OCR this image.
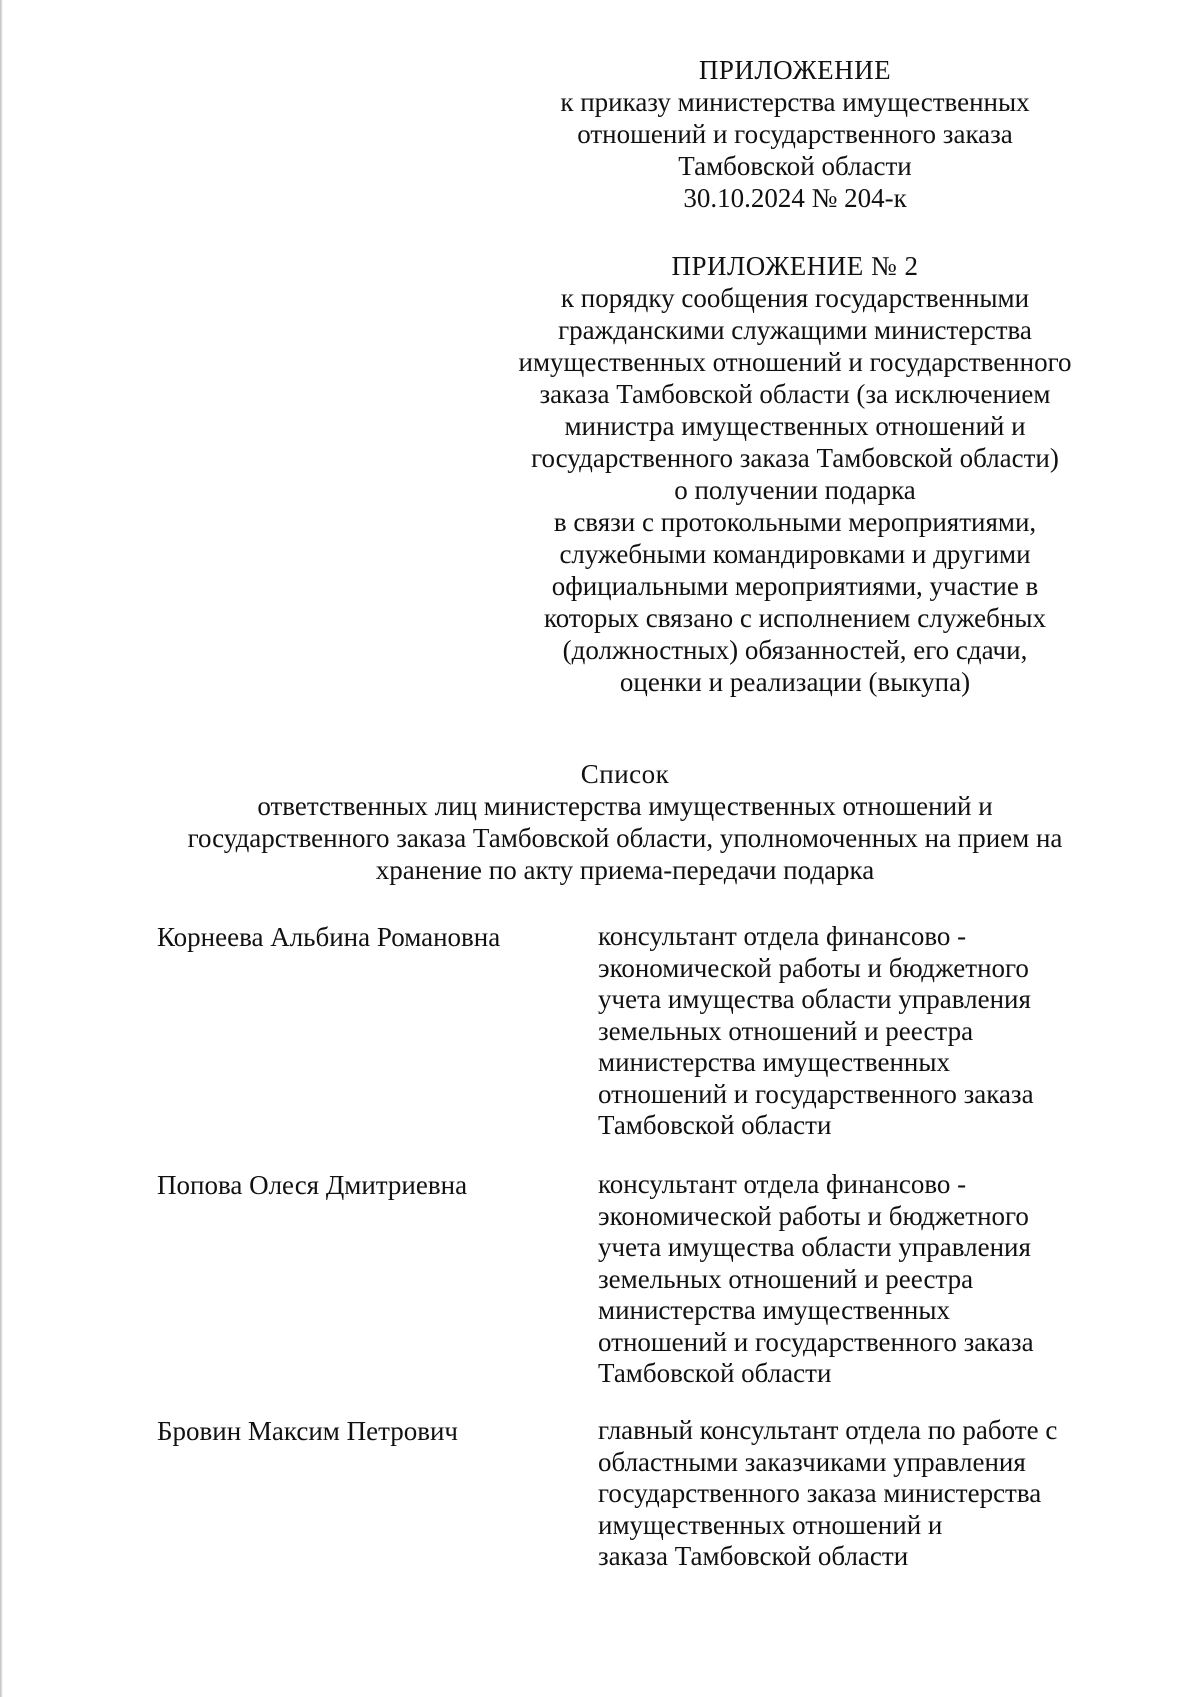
ПРИЛОЖЕНИЕ
к приказу министерства имущественных
отношений и государственного заказа
Тамбовской области
30.10.2024 № 204-к
ПРИЛОЖЕНИЕ № 2
к порядку сообщения государственными
гражданскими служащими министерства
имущественных отношений и государственного
заказа Тамбовской области (за исключением
министра имущественных отношений и
государственного заказа Тамбовской области)
о получении подарка
в связи с протокольными мероприятиями,
служебными командировками и другими
официальными мероприятиями, участие в
которых связано с исполнением служебных
(должностных) обязанностей, его сдачи,
оценки и реализации (выкупа)
Список
ответственных лиц министерства имущественных отношений и
государственного заказа Тамбовской области, уполномоченных на прием на
хранение по акту приема-передачи подарка
Корнеева Альбина Романовна	консультант отдела финансово -
экономической работы и бюджетного
учета имущества области управления
земельных отношений и реестра
министерства имущественных
отношений и государственного заказа
Тамбовской области
Попова Олеся Дмитриевна	консультант отдела финансово -
экономической работы и бюджетного
учета имущества области управления
земельных отношений и реестра
министерства имущественных
отношений и государственного заказа
Тамбовской области
Бровин Максим Петрович	главный консультант отдела по работе с
областными заказчиками управления
государственного заказа министерства
имущественных отношений и
заказа Тамбовской области
